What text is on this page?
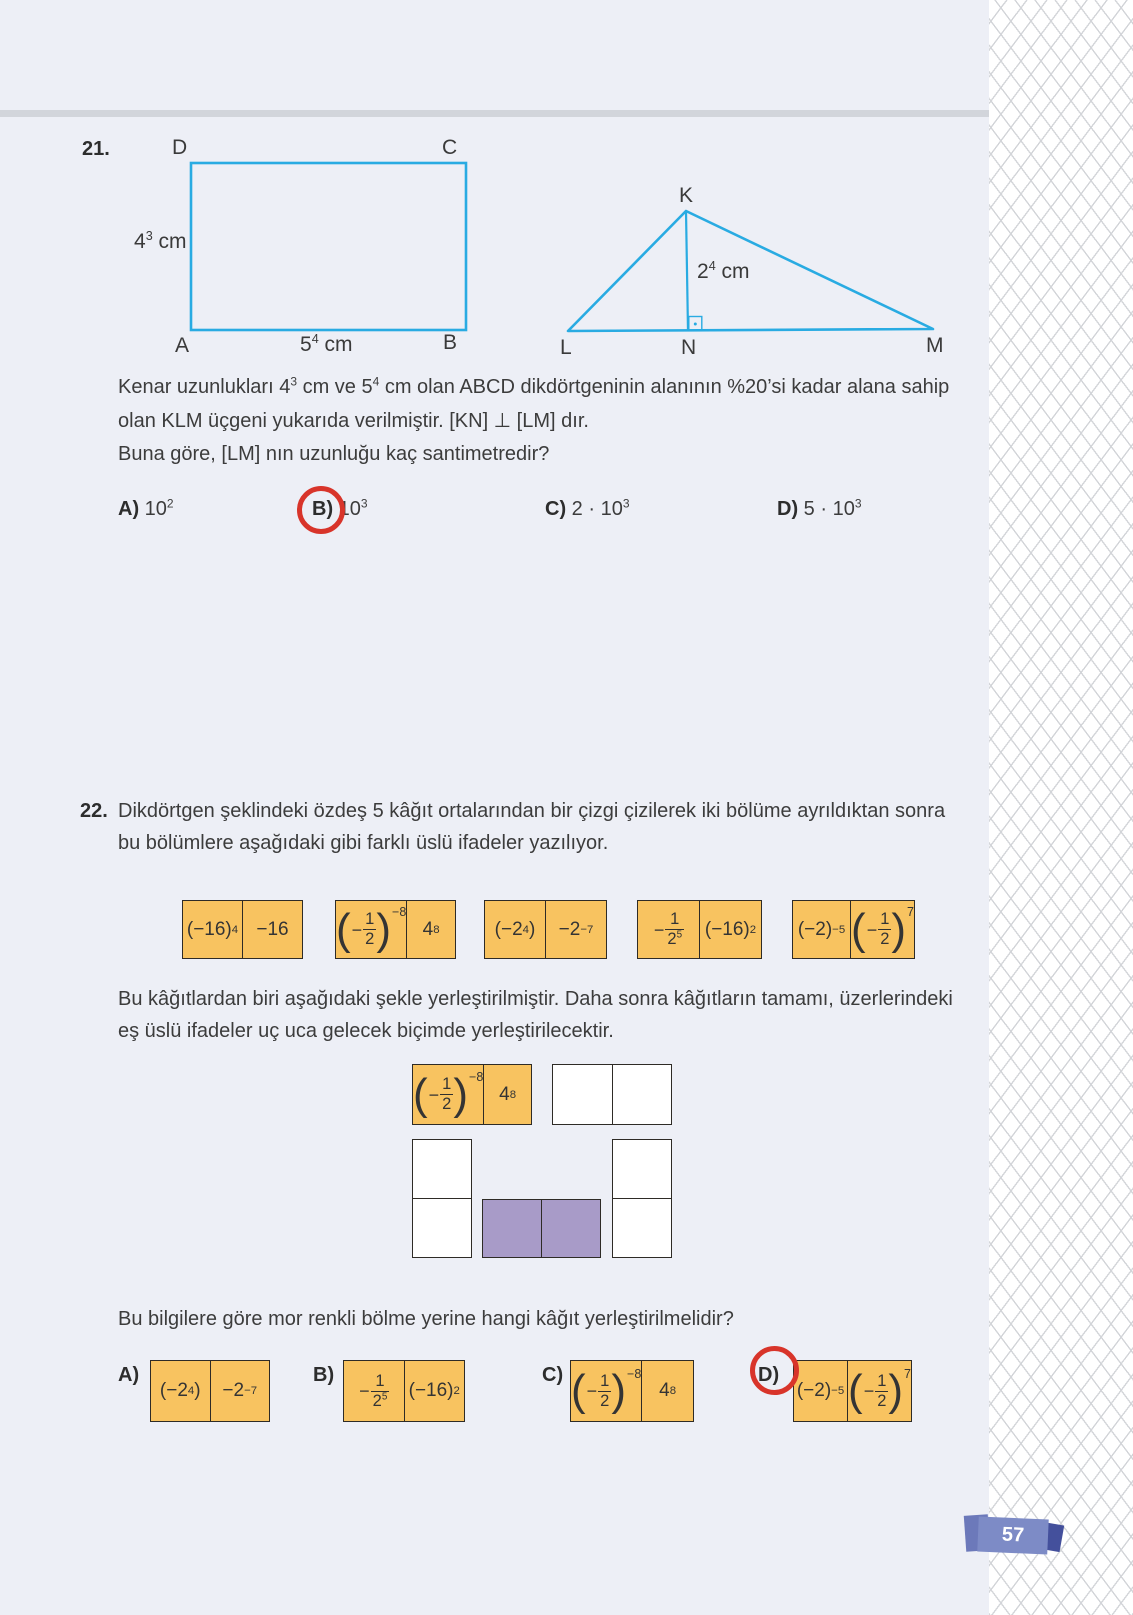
21.	D	C
A	B
$4^3$ cm
$5^4$ cm
K
L	N	M
$2^4$ cm
Kenar uzunlukları $4^3$ cm ve $5^4$ cm olan ABCD dikdörtgeninin alanının %20’si kadar alana sahip
olan KLM üçgeni yukarıda verilmiştir. [KN] ⊥ [LM] dır.
Buna göre, [LM] nın uzunluğu kaç santimetredir?
A) $10^2$	B) $10^3$	C) $2 \cdot 10^3$	D) $5 \cdot 10^3$
22. Dikdörtgen şeklindeki özdeş 5 kâğıt ortalarından bir çizgi çizilerek iki bölüme ayrıldıktan sonra
bu bölümlere aşağıdaki gibi farklı üslü ifadeler yazılıyor.
(−16) 4 −16	( − $\frac{1}{2}$ ) −8
4 8	(−2 4 )	−2 −7	− $\frac{1}{2^5}$	(−16) 2 (−2) −5 ( − $\frac{1}{2}$ ) 7
Bu kâğıtlardan biri aşağıdaki şekle yerleştirilmiştir. Daha sonra kâğıtların tamamı, üzerlerindeki
eş üslü ifadeler uç uca gelecek biçimde yerleştirilecektir.
( − $\frac{1}{2}$ ) −8
4 8
Bu bilgilere göre mor renkli bölme yerine hangi kâğıt yerleştirilmelidir?
A)
(−2 4 )	−2 −7
B)
− $\frac{1}{2^5} (-16)$ 2
C) ( − $\frac{1}{2}$ ) −8
4 8
D)
(−2) −5 ( − $\frac{1}{2}$ ) 7
57
